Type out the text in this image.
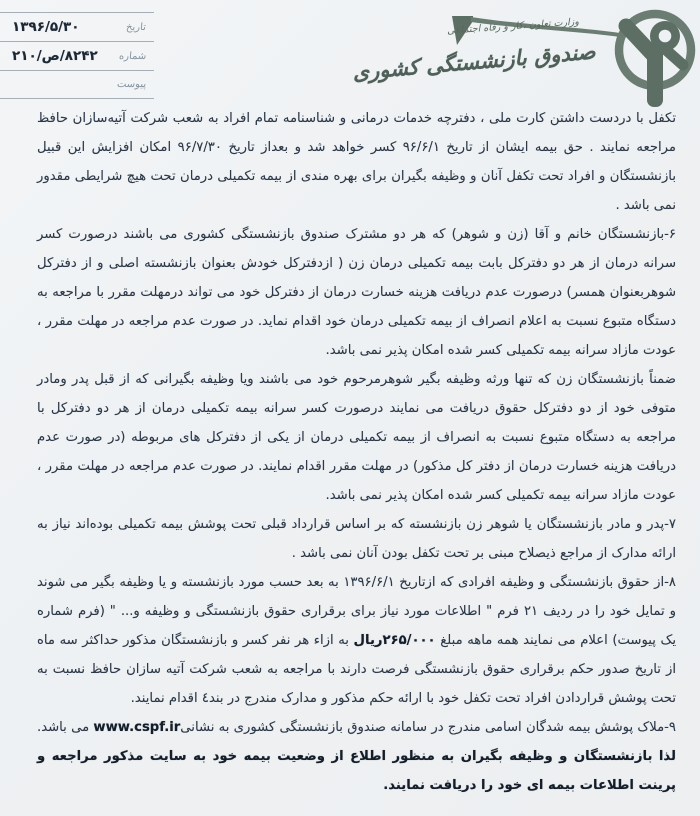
تاریخ
۱۳۹۶/۵/۳۰
شماره
۸۲۴۲/ص/۲۱۰
پیوست
وزارت تعاون ،کار و رفاه اجتماعی
صندوق بازنشستگی کشوری

تکفل با دردست داشتن کارت ملی ، دفترچه خدمات درمانی و شناسنامه تمام افراد به شعب شرکت آتیه‌سازان حافظ مراجعه نمایند . حق بیمه ایشان از تاریخ ۹۶/۶/۱ کسر خواهد شد و بعداز تاریخ ۹۶/۷/۳۰ امکان افزایش این قبیل بازنشستگان و افراد تحت تکفل آنان و وظیفه بگیران برای بهره مندی از بیمه تکمیلی درمان تحت هیچ شرایطی مقدور نمی باشد .

۶-بازنشستگان خانم و آقا (زن و شوهر) که هر دو مشترک صندوق بازنشستگی کشوری می باشند درصورت کسر سرانه درمان از هر دو دفترکل بابت بیمه تکمیلی درمان زن ( ازدفترکل خودش بعنوان بازنشسته اصلی و از دفترکل شوهربعنوان همسر) درصورت عدم دریافت هزینه خسارت درمان از دفترکل خود می تواند درمهلت مقرر با مراجعه به دستگاه متبوع نسبت به اعلام انصراف از بیمه تکمیلی درمان خود اقدام نماید. در صورت عدم مراجعه در مهلت مقرر ، عودت مازاد سرانه بیمه تکمیلی کسر شده امکان پذیر نمی باشد.

ضمناً بازنشستگان زن که تنها ورثه وظیفه بگیر شوهرمرحوم خود می باشند ویا وظیفه بگیرانی که از قبل پدر ومادر متوفی خود از دو دفترکل حقوق دریافت می نمایند درصورت کسر سرانه بیمه تکمیلی درمان از هر دو دفترکل با مراجعه به دستگاه متبوع نسبت به انصراف از بیمه تکمیلی درمان از یکی از دفترکل های مربوطه (در صورت عدم دریافت هزینه خسارت درمان از دفتر کل مذکور) در مهلت مقرر اقدام نمایند. در صورت عدم مراجعه در مهلت مقرر ، عودت مازاد سرانه بیمه تکمیلی کسر شده امکان پذیر نمی باشد.

۷-پدر و مادر بازنشستگان یا شوهر زن بازنشسته که بر اساس قرارداد قبلی تحت پوشش بیمه تکمیلی بوده‌اند نیاز به ارائه مدارک از مراجع ذیصلاح مبنی بر تحت تکفل بودن آنان نمی باشد .

۸-از حقوق بازنشستگی و وظیفه افرادی که ازتاریخ ۱۳۹۶/۶/۱ به بعد حسب مورد بازنشسته و یا وظیفه بگیر می شوند و تمایل خود را در ردیف ۲۱ فرم " اطلاعات مورد نیاز برای برقراری حقوق بازنشستگی و وظیفه و... " (فرم شماره یک پیوست) اعلام می نمایند همه ماهه مبلغ ۲۶۵/۰۰۰ریال به ازاء هر نفر کسر و بازنشستگان مذکور حداکثر سه ماه از تاریخ صدور حکم برقراری حقوق بازنشستگی فرصت دارند با مراجعه به شعب شرکت آتیه سازان حافظ نسبت به تحت پوشش قراردادن افراد تحت تکفل خود با ارائه حکم مذکور و مدارک مندرج در بند٤ اقدام نمایند.

۹-ملاک پوشش بیمه شدگان اسامی مندرج در سامانه صندوق بازنشستگی کشوری به نشانیwww.cspf.ir می باشد. لذا بازنشستگان و وظیفه بگیران به منظور اطلاع از وضعیت بیمه خود به سایت مذکور مراجعه و پرینت اطلاعات بیمه ای خود را دریافت نمایند.
